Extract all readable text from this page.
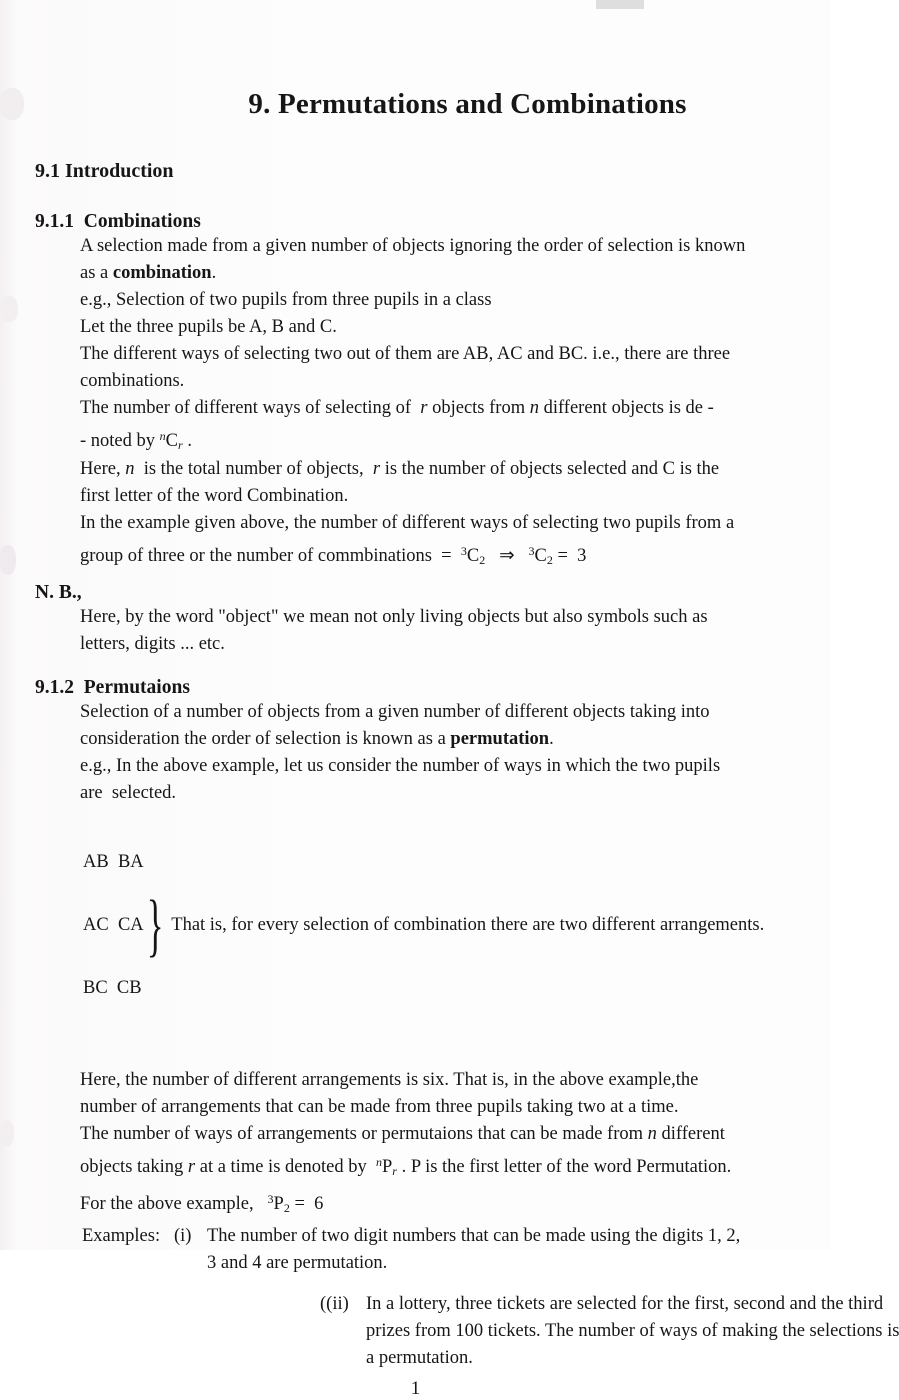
9. Permutations and Combinations
9.1 Introduction
9.1.1  Combinations
A selection made from a given number of objects ignoring the order of selection is known
as a combination.
e.g., Selection of two pupils from three pupils in a class
Let the three pupils be A, B and C.
The different ways of selecting two out of them are AB, AC and BC. i.e., there are three
combinations.
The number of different ways of selecting of  r objects from n different objects is de -
- noted by $^n$Cr .
Here, n  is the total number of objects,  r is the number of objects selected and C is the
first letter of the word Combination.
In the example given above, the number of different ways of selecting two pupils from a
group of three or the number of commbinations  =  $^3$C2   ⇒   $^3$C2 =  3
N. B.,
Here, by the word "object" we mean not only living objects but also symbols such as
letters, digits ... etc.
9.1.2  Permutaions
Selection of a number of objects from a given number of different objects taking into
consideration the order of selection is known as a permutation.
e.g., In the above example, let us consider the number of ways in which the two pupils
are  selected.

AB  BA

AC  CA

BC  CB

} That is, for every selection of combination there are two different arrangements.
Here, the number of different arrangements is six. That is, in the above example,the
number of arrangements that can be made from three pupils taking two at a time.
The number of ways of arrangements or permutaions that can be made from n different
objects taking r at a time is denoted by  $^n$Pr . P is the first letter of the word Permutation.
For the above example,   $^3$P2 =  6
Examples: (i) The number of two digit numbers that can be made using the digits 1, 2,
3 and 4 are permutation.
((ii) In a lottery, three tickets are selected for the first, second and the third
prizes from 100 tickets. The number of ways of making the selections is
a permutation.
1
